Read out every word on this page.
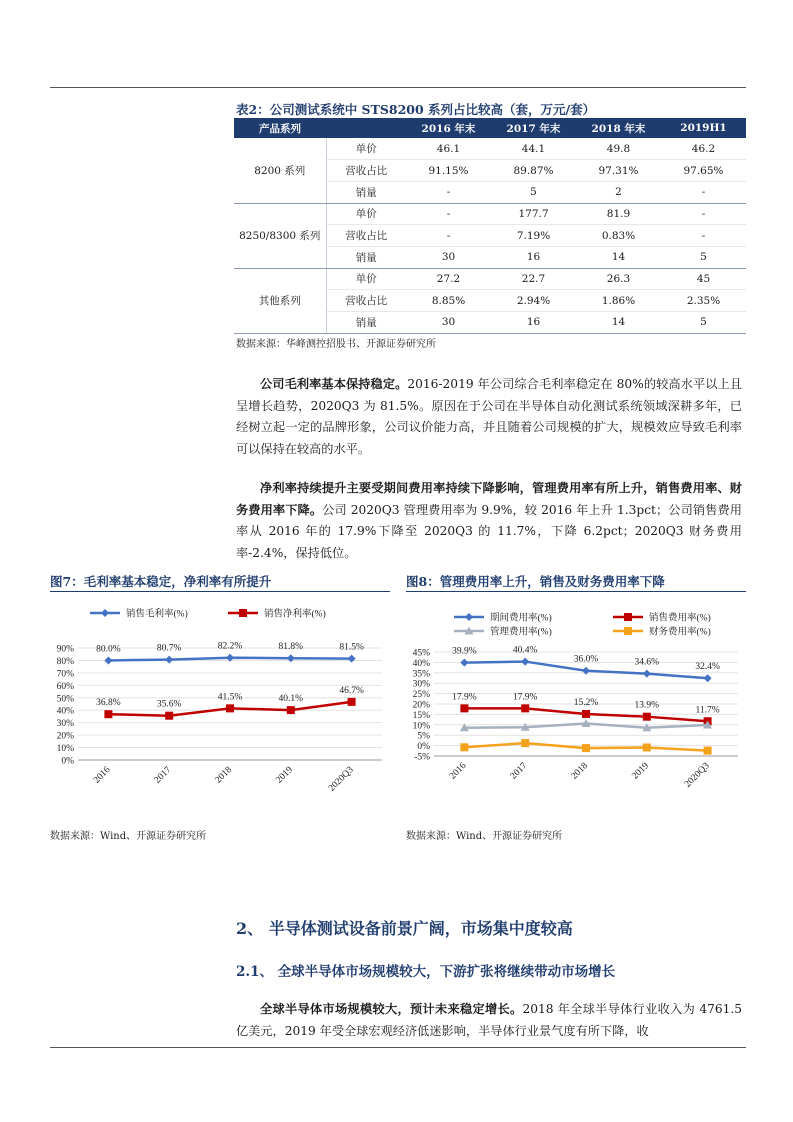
表2：公司测试系统中 STS8200 系列占比较高（套，万元/套）
产品系列		2016 年末	2017 年末	2018 年末	2019H1
8200 系列	单价	46.1	44.1	49.8	46.2
	营收占比	91.15%	89.87%	97.31%	97.65%
	销量	-	5	2	-
8250/8300 系列	单价	-	177.7	81.9	-
	营收占比	-	7.19%	0.83%	-
	销量	30	16	14	5
其他系列	单价	27.2	22.7	26.3	45
	营收占比	8.85%	2.94%	1.86%	2.35%
	销量	30	16	14	5
数据来源：华峰测控招股书、开源证券研究所
公司毛利率基本保持稳定。2016-2019 年公司综合毛利率稳定在 80%的较高水平以上且呈增长趋势，2020Q3 为 81.5%。原因在于公司在半导体自动化测试系统领域深耕多年，已经树立起一定的品牌形象，公司议价能力高，并且随着公司规模的扩大，规模效应导致毛利率可以保持在较高的水平。
净利率持续提升主要受期间费用率持续下降影响，管理费用率有所上升，销售费用率、财务费用率下降。公司 2020Q3 管理费用率为 9.9%，较 2016 年上升 1.3pct；公司销售费用率从 2016 年的 17.9%下降至 2020Q3 的 11.7%，下降 6.2pct；2020Q3 财务费用率-2.4%，保持低位。
图7：毛利率基本稳定，净利率有所提升
销售毛利率(%)	销售净利率(%)
0%
10%
20%
30%
40%
50%
60%
70%
80%
90%
2016	2017	2018	2019	2020Q3
80.0%	80.7%	82.2%	81.8%	81.5%
36.8%	35.6%
41.5%	40.1%
46.7%
数据来源：Wind、开源证券研究所
图8：管理费用率上升，销售及财务费用率下降
期间费用率(%)	销售费用率(%)
管理费用率(%)	财务费用率(%)
-5%
0%
5%
10%
15%
20%
25%
30%
35%
40%
45%
2016	2017	2018	2019	2020Q3
39.9%	40.4%
36.0%	34.6%	32.4%
17.9%	17.9%
15.2%	13.9%	11.7%
数据来源：Wind、开源证券研究所
2、 半导体测试设备前景广阔，市场集中度较高
2.1、 全球半导体市场规模较大，下游扩张将继续带动市场增长
全球半导体市场规模较大，预计未来稳定增长。2018 年全球半导体行业收入为 4761.5 亿美元，2019 年受全球宏观经济低迷影响，半导体行业景气度有所下降，收
